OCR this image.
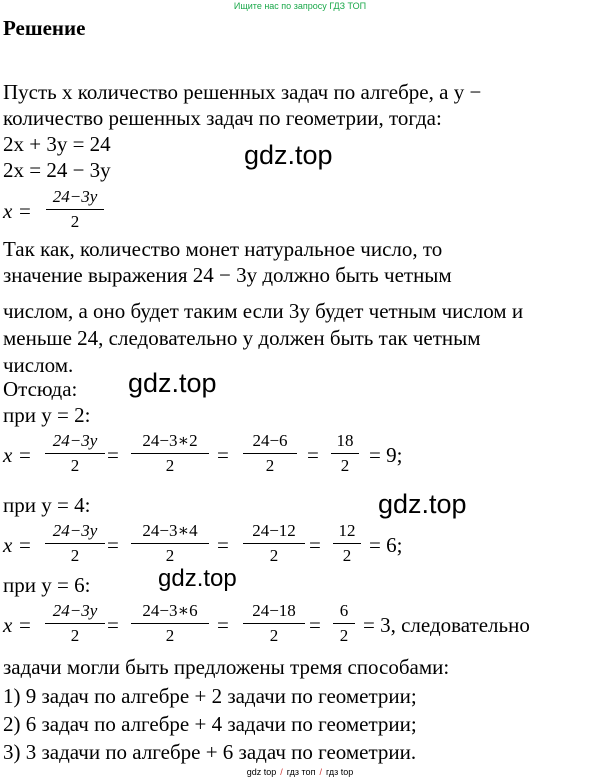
Ищите нас по запросу ГДЗ ТОП
Решение
Пусть х количество решенных задач по алгебре, а у −
количество решенных задач по геометрии, тогда:
2х + 3у = 24
2х = 24 − 3у
x =
24−3y
2
Так как, количество монет натуральное число, то
значение выражения 24 − 3у должно быть четным
числом, а оно будет таким если 3у будет четным числом и
меньше 24, следовательно у должен быть так четным
числом.
Отсюда:
при у = 2:
x =
24−3y
2	=
24−3∗2
2	=
24−6
2	=
18
2 = 9;
при у = 4:
x =
24−3y
2	=
24−3∗4
2	=
24−12
2	=
12
2 = 6;
при у = 6:
x =
24−3y
2	=
24−3∗6
2	=
24−18
2	=
6
2 = 3, следовательно
задачи могли быть предложены тремя способами:
1) 9 задач по алгебре + 2 задачи по геометрии;
2) 6 задач по алгебре + 4 задачи по геометрии;
3) 3 задачи по алгебре + 6 задач по геометрии.
gdz.top
gdz.top
gdz.top
gdz.top
gdz top / гдз топ / гдз top
